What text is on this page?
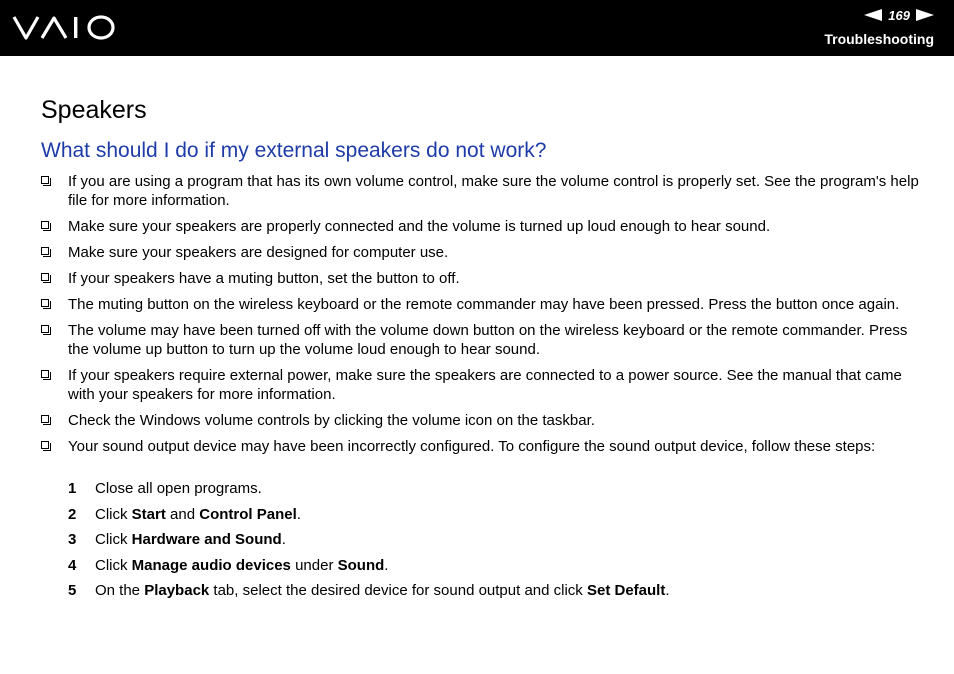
169
Troubleshooting
Speakers
What should I do if my external speakers do not work?
If you are using a program that has its own volume control, make sure the volume control is properly set. See the program's help file for more information.
Make sure your speakers are properly connected and the volume is turned up loud enough to hear sound.
Make sure your speakers are designed for computer use.
If your speakers have a muting button, set the button to off.
The muting button on the wireless keyboard or the remote commander may have been pressed. Press the button once again.
The volume may have been turned off with the volume down button on the wireless keyboard or the remote commander. Press the volume up button to turn up the volume loud enough to hear sound.
If your speakers require external power, make sure the speakers are connected to a power source. See the manual that came with your speakers for more information.
Check the Windows volume controls by clicking the volume icon on the taskbar.
Your sound output device may have been incorrectly configured. To configure the sound output device, follow these steps:
1	Close all open programs.
2	Click Start and Control Panel.
3	Click Hardware and Sound.
4	Click Manage audio devices under Sound.
5	On the Playback tab, select the desired device for sound output and click Set Default.
